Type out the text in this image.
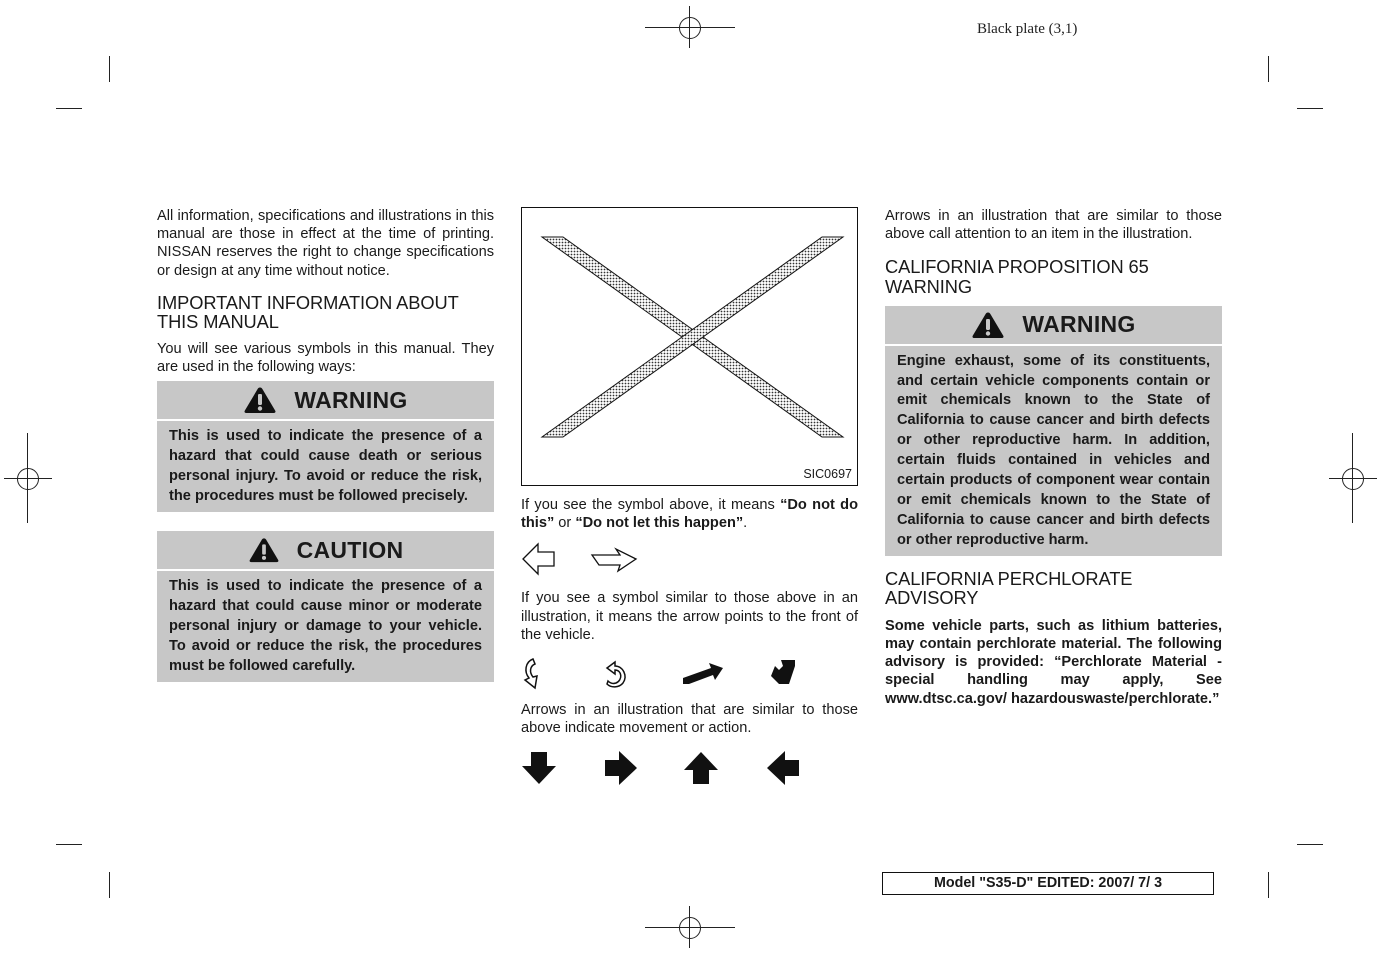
Black plate (3,1)

All information, specifications and illustrations in this manual are those in effect at the time of printing. NISSAN reserves the right to change specifications or design at any time without notice.

IMPORTANT INFORMATION ABOUT THIS MANUAL

You will see various symbols in this manual. They are used in the following ways:

WARNING
This is used to indicate the presence of a hazard that could cause death or serious personal injury. To avoid or reduce the risk, the procedures must be followed precisely.
CAUTION
This is used to indicate the presence of a hazard that could cause minor or moderate personal injury or damage to your vehicle. To avoid or reduce the risk, the procedures must be followed carefully.
SIC0697

If you see the symbol above, it means “Do not do this” or “Do not let this happen”.

If you see a symbol similar to those above in an illustration, it means the arrow points to the front of the vehicle.

Arrows in an illustration that are similar to those above indicate movement or action.

Arrows in an illustration that are similar to those above call attention to an item in the illustration.

CALIFORNIA PROPOSITION 65 WARNING

WARNING
Engine exhaust, some of its constituents, and certain vehicle components contain or emit chemicals known to the State of California to cause cancer and birth defects or other reproductive harm. In addition, certain fluids contained in vehicles and certain products of component wear contain or emit chemicals known to the State of California to cause cancer and birth defects or other reproductive harm.

CALIFORNIA PERCHLORATE ADVISORY

Some vehicle parts, such as lithium batteries, may contain perchlorate material. The following advisory is provided: “Perchlorate Material - special handling may apply, See www.dtsc.ca.gov/ hazardouswaste/perchlorate.”

Model "S35-D" EDITED: 2007/ 7/ 3
